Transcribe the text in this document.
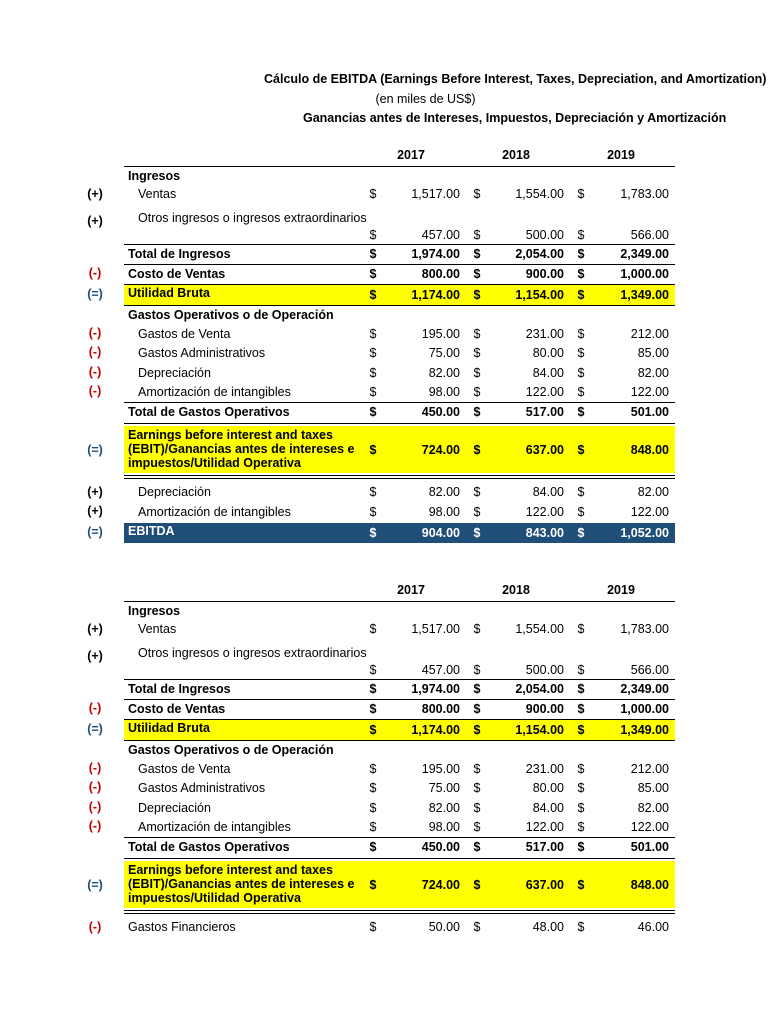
Cálculo de EBITDA (Earnings Before Interest, Taxes, Depreciation, and Amortization)
(en miles de US$)
Ganancias antes de Intereses, Impuestos, Depreciación y Amortización
2017	2018	2019
Ingresos
(+)	Ventas	$	1,517.00 $	1,554.00 $	1,783.00
(+)	Otros ingresos o ingresos extraordinarios
$	457.00 $	500.00 $	566.00
Total de Ingresos	$	1,974.00 $	2,054.00 $	2,349.00
(-)	Costo de Ventas	$	800.00 $	900.00 $	1,000.00
(=)	Utilidad Bruta	$	1,174.00 $	1,154.00 $	1,349.00
Gastos Operativos o de Operación
(-)	Gastos de Venta	$	195.00 $	231.00 $	212.00
(-)	Gastos Administrativos	$	75.00 $	80.00 $	85.00
(-)	Depreciación	$	82.00 $	84.00 $	82.00
(-)	Amortización de intangibles	$	98.00 $	122.00 $	122.00
Total de Gastos Operativos	$	450.00 $	517.00 $	501.00
(=)
Earnings before interest and taxes (EBIT)/Ganancias antes de intereses e impuestos/Utilidad Operativa
$	724.00 $	637.00 $	848.00
(+)	Depreciación	$	82.00 $	84.00 $	82.00
(+)	Amortización de intangibles	$	98.00 $	122.00 $	122.00
(=)	EBITDA	$	904.00 $	843.00 $	1,052.00
2017	2018	2019
Ingresos
(+)	Ventas	$	1,517.00 $	1,554.00 $	1,783.00
(+)	Otros ingresos o ingresos extraordinarios
$	457.00 $	500.00 $	566.00
Total de Ingresos	$	1,974.00 $	2,054.00 $	2,349.00
(-)	Costo de Ventas	$	800.00 $	900.00 $	1,000.00
(=)	Utilidad Bruta	$	1,174.00 $	1,154.00 $	1,349.00
Gastos Operativos o de Operación
(-)	Gastos de Venta	$	195.00 $	231.00 $	212.00
(-)	Gastos Administrativos	$	75.00 $	80.00 $	85.00
(-)	Depreciación	$	82.00 $	84.00 $	82.00
(-)	Amortización de intangibles	$	98.00 $	122.00 $	122.00
Total de Gastos Operativos	$	450.00 $	517.00 $	501.00
(=)
Earnings before interest and taxes (EBIT)/Ganancias antes de intereses e impuestos/Utilidad Operativa
$	724.00 $	637.00 $	848.00
(-)	Gastos Financieros	$	50.00 $	48.00 $	46.00
